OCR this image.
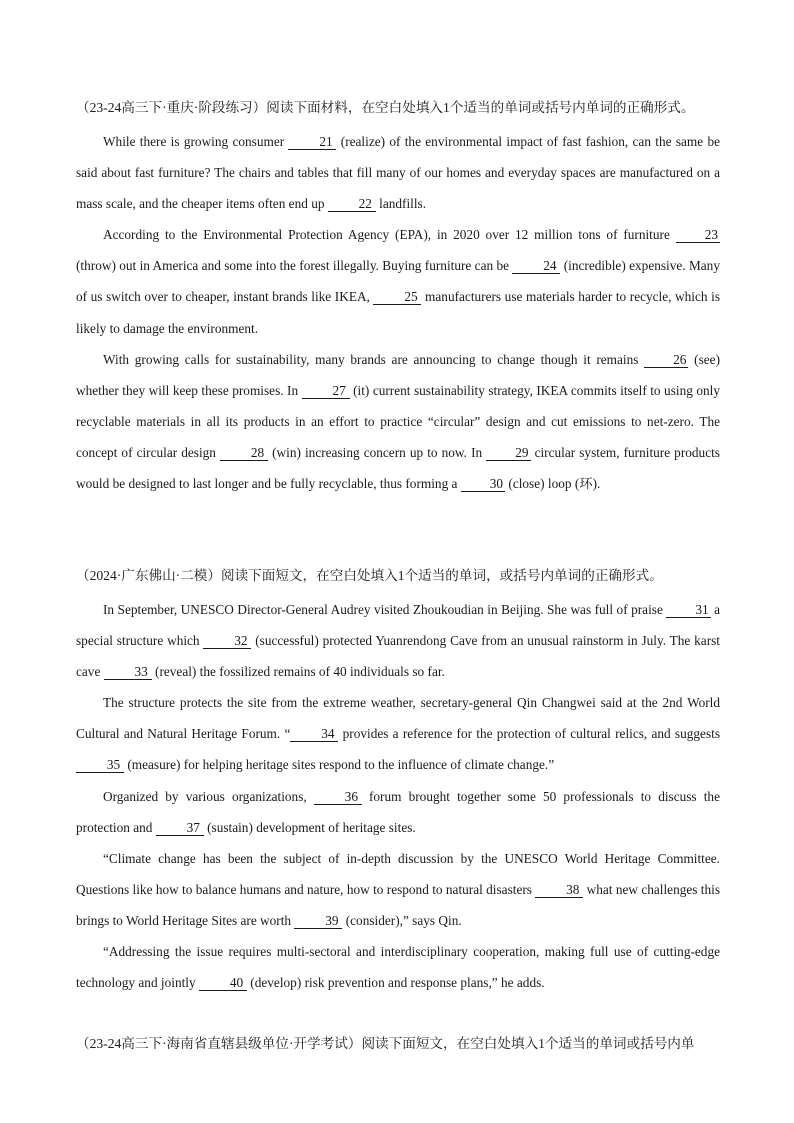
（23-24高三下·重庆·阶段练习）阅读下面材料，在空白处填入1个适当的单词或括号内单词的正确形式。

While there is growing consumer 21 (realize) of the environmental impact of fast fashion, can the same be said about fast furniture? The chairs and tables that fill many of our homes and everyday spaces are manufactured on a mass scale, and the cheaper items often end up 22 landfills.

According to the Environmental Protection Agency (EPA), in 2020 over 12 million tons of furniture 23 (throw) out in America and some into the forest illegally. Buying furniture can be 24 (incredible) expensive. Many of us switch over to cheaper, instant brands like IKEA, 25 manufacturers use materials harder to recycle, which is likely to damage the environment.

With growing calls for sustainability, many brands are announcing to change though it remains 26 (see) whether they will keep these promises. In 27 (it) current sustainability strategy, IKEA commits itself to using only recyclable materials in all its products in an effort to practice “circular” design and cut emissions to net-zero. The concept of circular design 28 (win) increasing concern up to now. In 29 circular system, furniture products would be designed to last longer and be fully recyclable, thus forming a 30 (close) loop (环).

（2024·广东佛山·二模）阅读下面短文，在空白处填入1个适当的单词，或括号内单词的正确形式。

In September, UNESCO Director-General Audrey visited Zhoukoudian in Beijing. She was full of praise 31 a special structure which 32 (successful) protected Yuanrendong Cave from an unusual rainstorm in July. The karst cave 33 (reveal) the fossilized remains of 40 individuals so far.

The structure protects the site from the extreme weather, secretary-general Qin Changwei said at the 2nd World Cultural and Natural Heritage Forum. “ 34 provides a reference for the protection of cultural relics, and suggests 35 (measure) for helping heritage sites respond to the influence of climate change.”

Organized by various organizations, 36 forum brought together some 50 professionals to discuss the protection and 37 (sustain) development of heritage sites.

“Climate change has been the subject of in-depth discussion by the UNESCO World Heritage Committee. Questions like how to balance humans and nature, how to respond to natural disasters 38 what new challenges this brings to World Heritage Sites are worth 39 (consider),” says Qin.

“Addressing the issue requires multi-sectoral and interdisciplinary cooperation, making full use of cutting-edge technology and jointly 40 (develop) risk prevention and response plans,” he adds.

（23-24高三下·海南省直辖县级单位·开学考试）阅读下面短文，在空白处填入1个适当的单词或括号内单
